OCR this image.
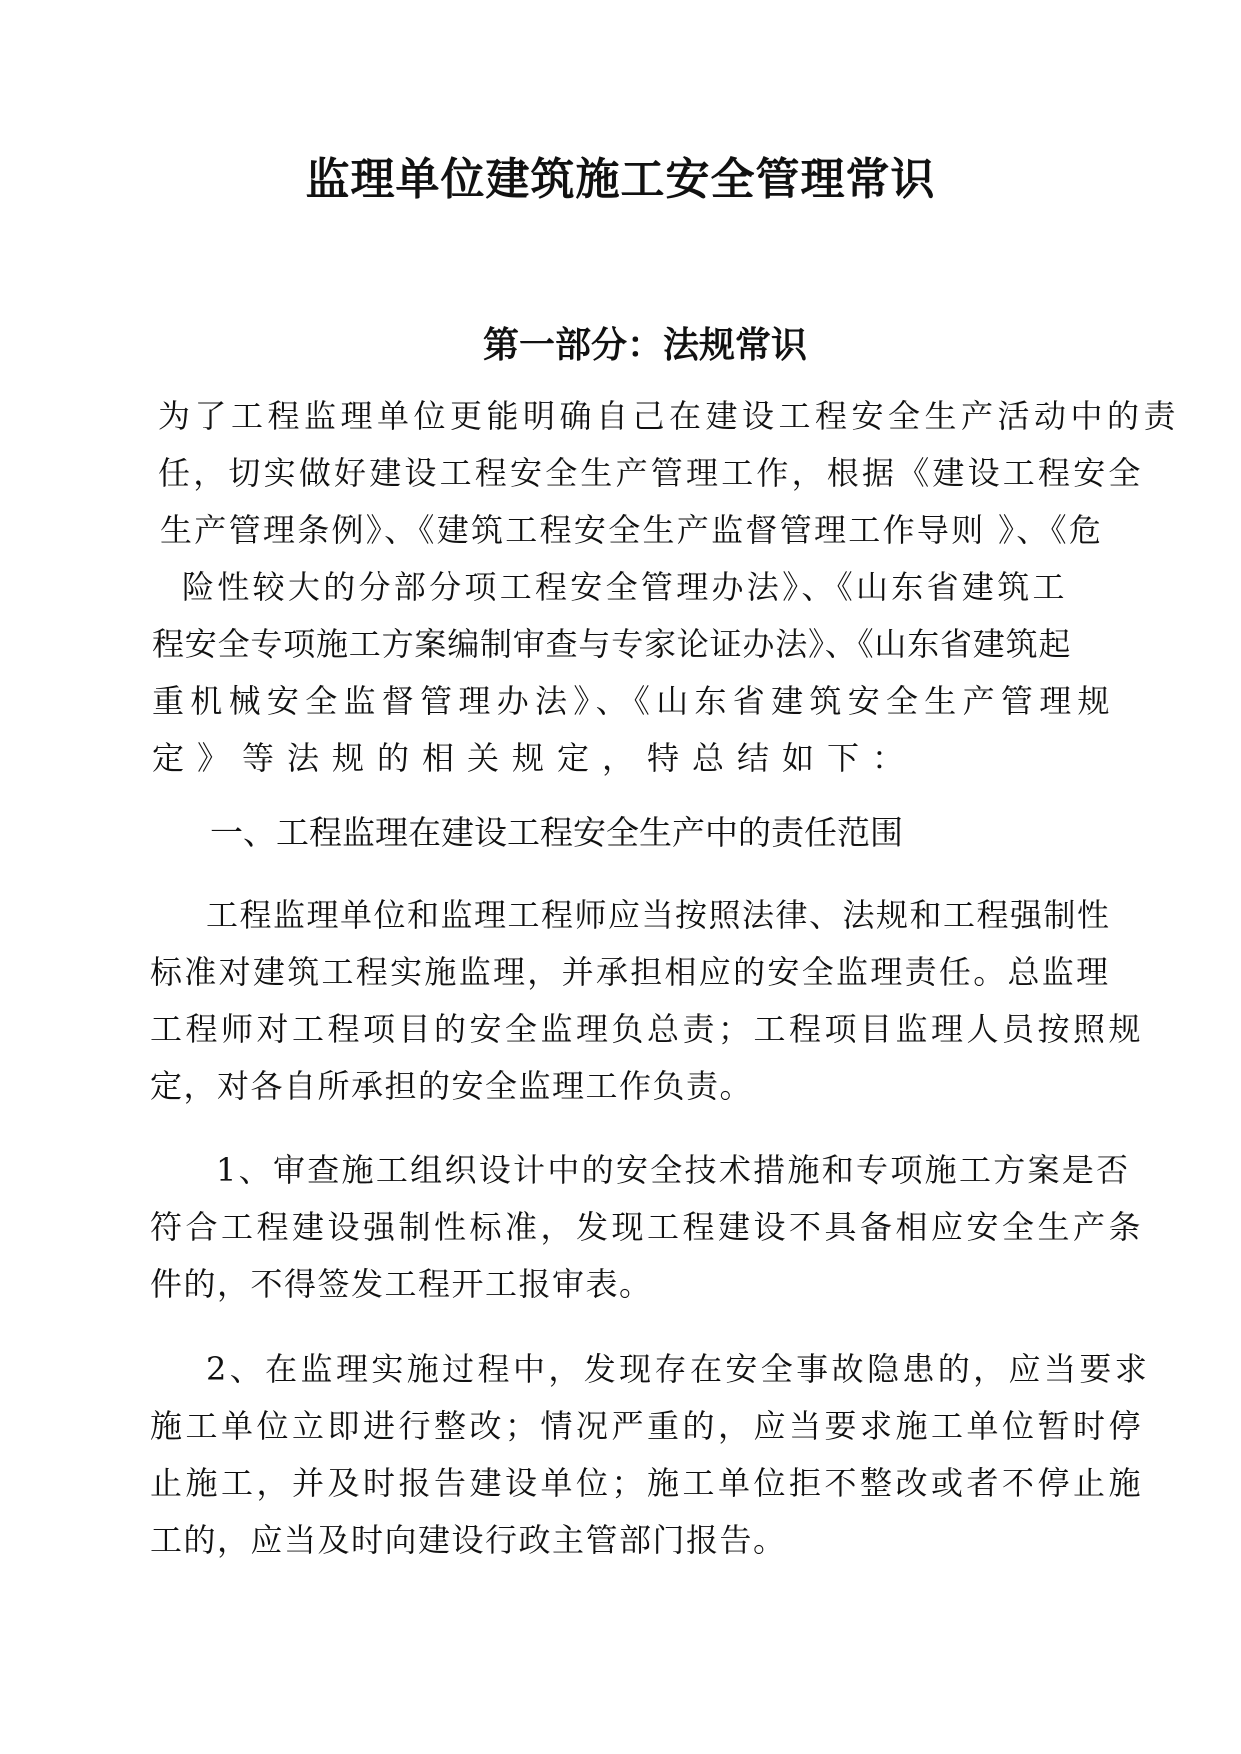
监理单位建筑施工安全管理常识
第一部分：法规常识
为了工程监理单位更能明确自己在建设工程安全生产活动中的责
任，切实做好建设工程安全生产管理工作，根据《建设工程安全
生产管理条例》、《建筑工程安全生产监督管理工作导则 》、《危
险性较大的分部分项工程安全管理办法》、《山东省建筑工
程安全专项施工方案编制审查与专家论证办法》、《山东省建筑起
重机械安全监督管理办法》、《山东省建筑安全生产管理规
定》等法规的相关规定，特总结如下：
一、工程监理在建设工程安全生产中的责任范围
工程监理单位和监理工程师应当按照法律、法规和工程强制性
标准对建筑工程实施监理，并承担相应的安全监理责任。总监理
工程师对工程项目的安全监理负总责；工程项目监理人员按照规
定，对各自所承担的安全监理工作负责。
1、审查施工组织设计中的安全技术措施和专项施工方案是否
符合工程建设强制性标准，发现工程建设不具备相应安全生产条
件的，不得签发工程开工报审表。
2、在监理实施过程中，发现存在安全事故隐患的，应当要求
施工单位立即进行整改；情况严重的，应当要求施工单位暂时停
止施工，并及时报告建设单位；施工单位拒不整改或者不停止施
工的，应当及时向建设行政主管部门报告。
